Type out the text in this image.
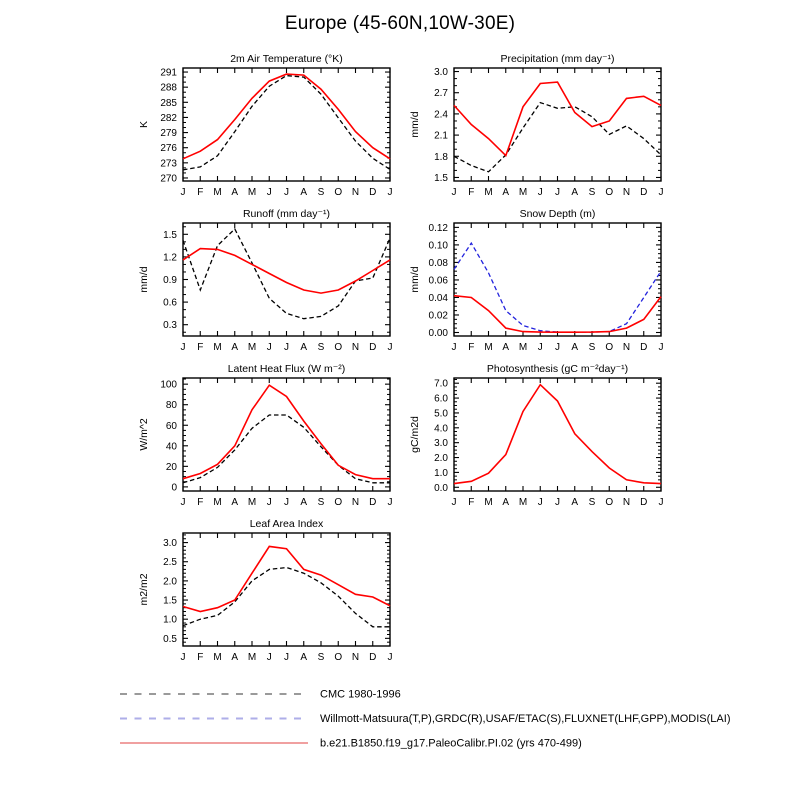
Europe (45-60N,10W-30E)
J F M A M J J A S O N D J
270
273
276
279
282
285
288
291
2m Air Temperature (°K)
K
J F M A M J J A S O N D J
1.5
1.8
2.1
2.4
2.7
3.0
Precipitation (mm day⁻¹)
mm/d
J F M A M J J A S O N D J
0.3
0.6
0.9
1.2
1.5
Runoff (mm day⁻¹)
mm/d
J F M A M J J A S O N D J
0.00
0.02
0.04
0.06
0.08
0.10
0.12
Snow Depth (m)
mm/d
J F M A M J J A S O N D J
0
20
40
60
80
100
Latent Heat Flux (W m⁻²)
W/m^2
J F M A M J J A S O N D J
0.0
1.0
2.0
3.0
4.0
5.0
6.0
7.0
Photosynthesis (gC m⁻²day⁻¹)
gC/m2d
J F M A M J J A S O N D J
0.5
1.0
1.5
2.0
2.5
3.0
Leaf Area Index
m2/m2
CMC 1980-1996
Willmott-Matsuura(T,P),GRDC(R),USAF/ETAC(S),FLUXNET(LHF,GPP),MODIS(LAI)
b.e21.B1850.f19_g17.PaleoCalibr.PI.02 (yrs 470-499)
